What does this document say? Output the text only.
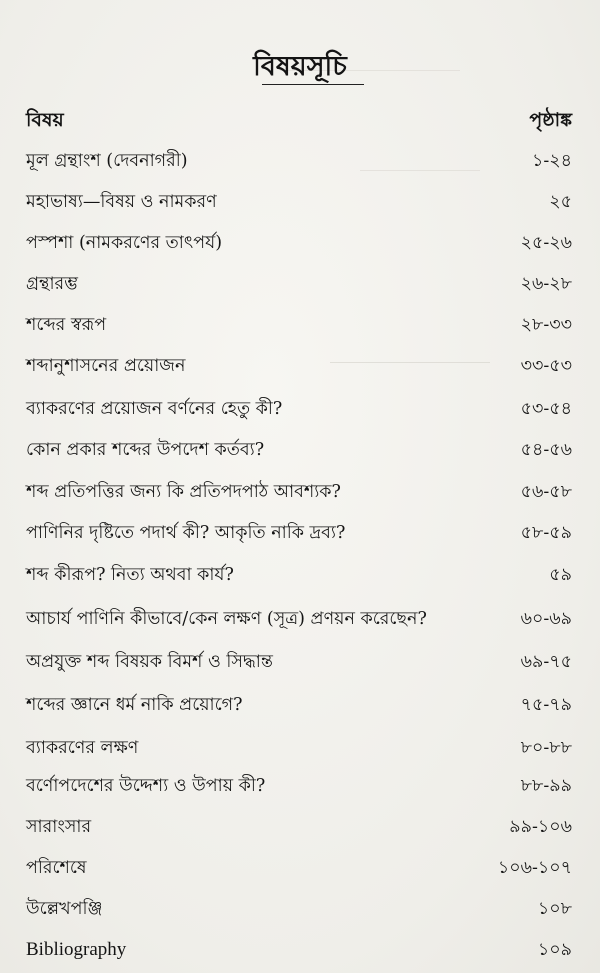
বিষয়সূচি
বিষয়	পৃষ্ঠাঙ্ক
মূল গ্রন্থাংশ (দেবনাগরী)	১-২৪
মহাভাষ্য—বিষয় ও নামকরণ	২৫
পস্পশা (নামকরণের তাৎপর্য)	২৫-২৬
গ্রন্থারম্ভ	২৬-২৮
শব্দের স্বরূপ	২৮-৩৩
শব্দানুশাসনের প্রয়োজন	৩৩-৫৩
ব্যাকরণের প্রয়োজন বর্ণনের হেতু কী?	৫৩-৫৪
কোন প্রকার শব্দের উপদেশ কর্তব্য?	৫৪-৫৬
শব্দ প্রতিপত্তির জন্য কি প্রতিপদপাঠ আবশ্যক?	৫৬-৫৮
পাণিনির দৃষ্টিতে পদার্থ কী? আকৃতি নাকি দ্রব্য?	৫৮-৫৯
শব্দ কীরূপ? নিত্য অথবা কার্য?	৫৯
আচার্য পাণিনি কীভাবে/কেন লক্ষণ (সূত্র) প্রণয়ন করেছেন?	৬০-৬৯
অপ্রযুক্ত শব্দ বিষয়ক বিমর্শ ও সিদ্ধান্ত	৬৯-৭৫
শব্দের জ্ঞানে ধর্ম নাকি প্রয়োগে?	৭৫-৭৯
ব্যাকরণের লক্ষণ	৮০-৮৮
বর্ণোপদেশের উদ্দেশ্য ও উপায় কী?	৮৮-৯৯
সারাংসার	৯৯-১০৬
পরিশেষে	১০৬-১০৭
উল্লেখপঞ্জি	১০৮
Bibliography	১০৯
